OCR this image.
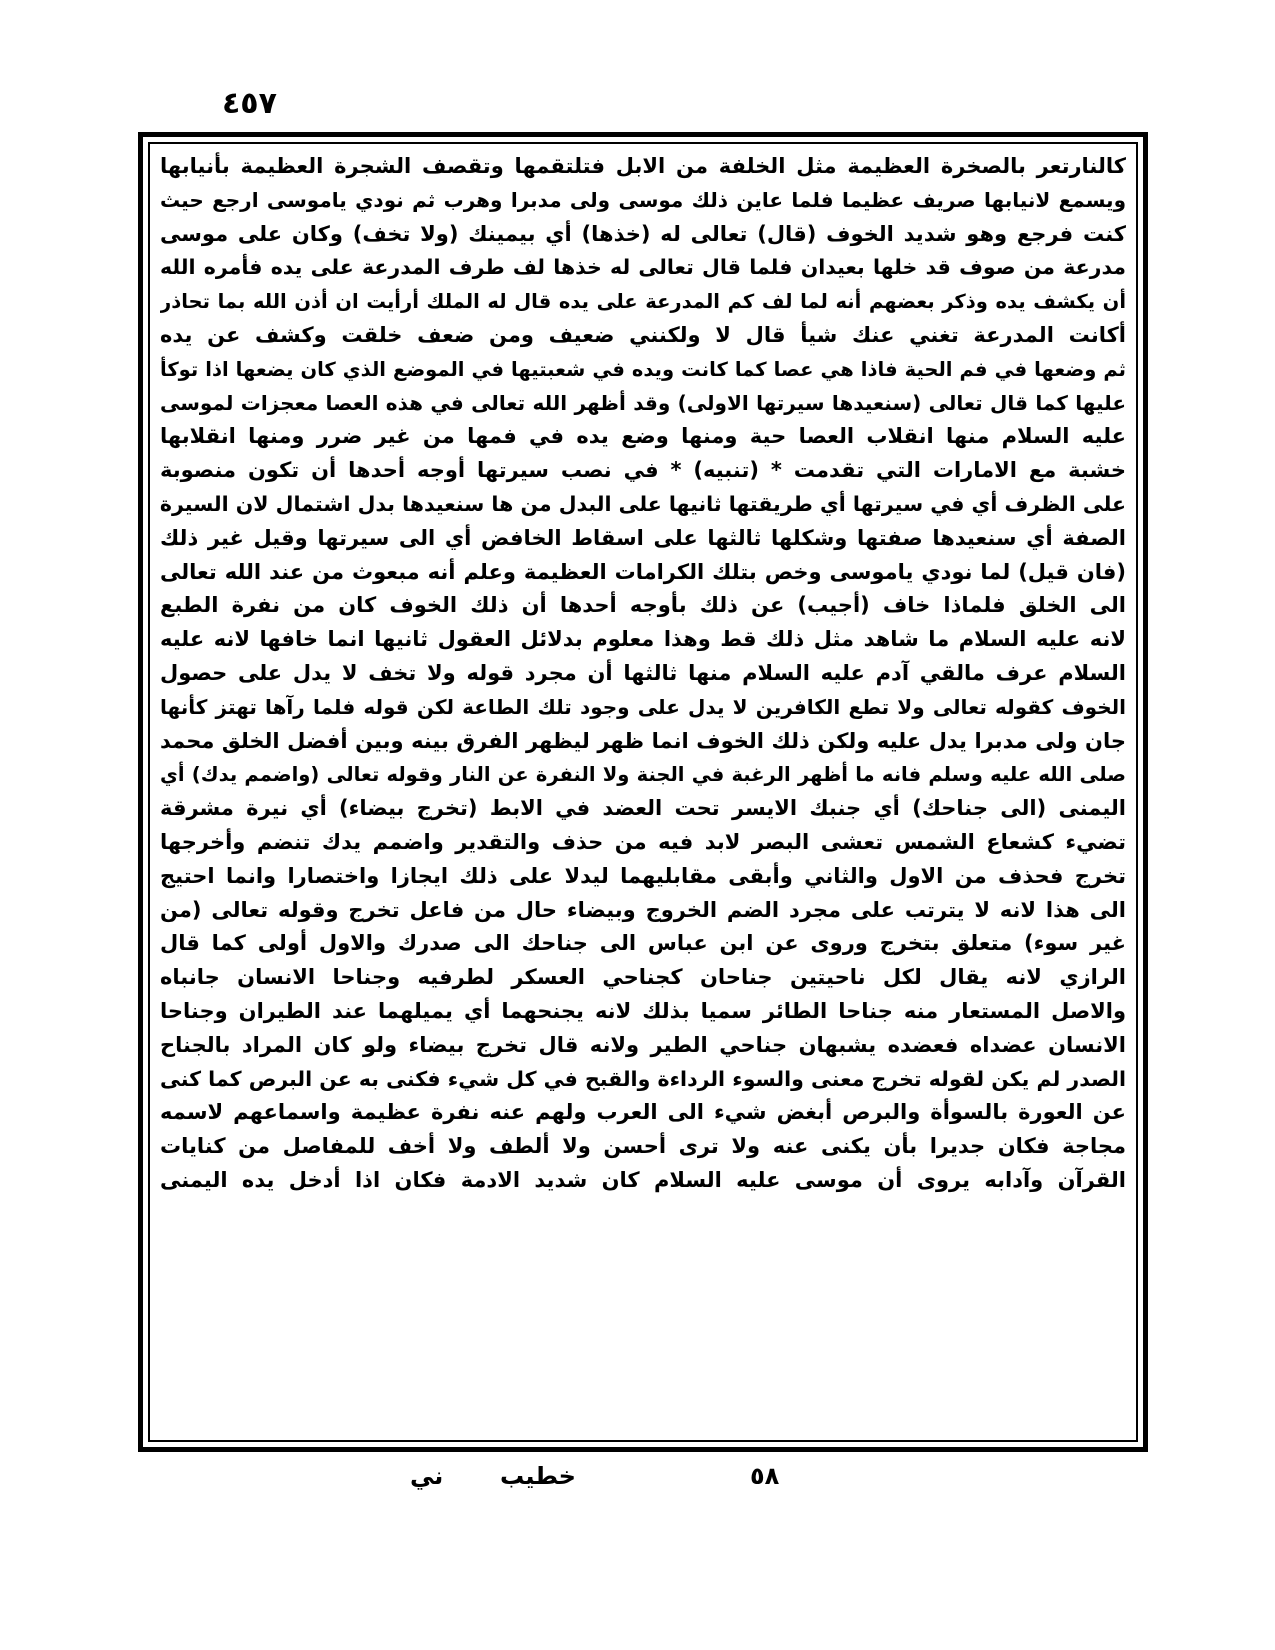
٤٥٧
كالنارتعر بالصخرة العظيمة مثل الخلفة من الابل فتلتقمها وتقصف الشجرة العظيمة بأنيابها
ويسمع لانيابها صريف عظيما فلما عاين ذلك موسى ولى مدبرا وهرب ثم نودي ياموسى ارجع حيث
كنت فرجع وهو شديد الخوف (قال) تعالى له (خذها) أي بيمينك (ولا تخف) وكان على موسى
مدرعة من صوف قد خلها بعيدان فلما قال تعالى له خذها لف طرف المدرعة على يده فأمره الله
أن يكشف يده وذكر بعضهم أنه لما لف كم المدرعة على يده قال له الملك أرأيت ان أذن الله بما تحاذر
أكانت المدرعة تغني عنك شيأ قال لا ولكنني ضعيف ومن ضعف خلقت وكشف عن يده
ثم وضعها في فم الحية فاذا هي عصا كما كانت ويده في شعبتيها في الموضع الذي كان يضعها اذا توكأ
عليها كما قال تعالى (سنعيدها سيرتها الاولى) وقد أظهر الله تعالى في هذه العصا معجزات لموسى
عليه السلام منها انقلاب العصا حية ومنها وضع يده في فمها من غير ضرر ومنها انقلابها
خشبة مع الامارات التي تقدمت * (تنبيه) * في نصب سيرتها أوجه أحدها أن تكون منصوبة
على الظرف أي في سيرتها أي طريقتها ثانيها على البدل من ها سنعيدها بدل اشتمال لان السيرة
الصفة أي سنعيدها صفتها وشكلها ثالثها على اسقاط الخافض أي الى سيرتها وقيل غير ذلك
(فان قيل) لما نودي ياموسى وخص بتلك الكرامات العظيمة وعلم أنه مبعوث من عند الله تعالى
الى الخلق فلماذا خاف (أجيب) عن ذلك بأوجه أحدها أن ذلك الخوف كان من نفرة الطبع
لانه عليه السلام ما شاهد مثل ذلك قط وهذا معلوم بدلائل العقول ثانيها انما خافها لانه عليه
السلام عرف مالقي آدم عليه السلام منها ثالثها أن مجرد قوله ولا تخف لا يدل على حصول
الخوف كقوله تعالى ولا تطع الكافرين لا يدل على وجود تلك الطاعة لكن قوله فلما رآها تهتز كأنها
جان ولى مدبرا يدل عليه ولكن ذلك الخوف انما ظهر ليظهر الفرق بينه وبين أفضل الخلق محمد
صلى الله عليه وسلم فانه ما أظهر الرغبة في الجنة ولا النفرة عن النار وقوله تعالى (واضمم يدك) أي
اليمنى (الى جناحك) أي جنبك الايسر تحت العضد في الابط (تخرج بيضاء) أي نيرة مشرقة
تضيء كشعاع الشمس تعشى البصر لابد فيه من حذف والتقدير واضمم يدك تنضم وأخرجها
تخرج فحذف من الاول والثاني وأبقى مقابليهما ليدلا على ذلك ايجازا واختصارا وانما احتيج
الى هذا لانه لا يترتب على مجرد الضم الخروج وبيضاء حال من فاعل تخرج وقوله تعالى (من
غير سوء) متعلق بتخرج وروى عن ابن عباس الى جناحك الى صدرك والاول أولى كما قال
الرازي لانه يقال لكل ناحيتين جناحان كجناحي العسكر لطرفيه وجناحا الانسان جانباه
والاصل المستعار منه جناحا الطائر سميا بذلك لانه يجنحهما أي يميلهما عند الطيران وجناحا
الانسان عضداه فعضده يشبهان جناحي الطير ولانه قال تخرج بيضاء ولو كان المراد بالجناح
الصدر لم يكن لقوله تخرج معنى والسوء الرداءة والقبح في كل شيء فكنى به عن البرص كما كنى
عن العورة بالسوأة والبرص أبغض شيء الى العرب ولهم عنه نفرة عظيمة واسماعهم لاسمه
مجاجة فكان جديرا بأن يكنى عنه ولا ترى أحسن ولا ألطف ولا أخف للمفاصل من كنايات
القرآن وآدابه يروى أن موسى عليه السلام كان شديد الادمة فكان اذا أدخل يده اليمنى
ني خطيب	٥٨
